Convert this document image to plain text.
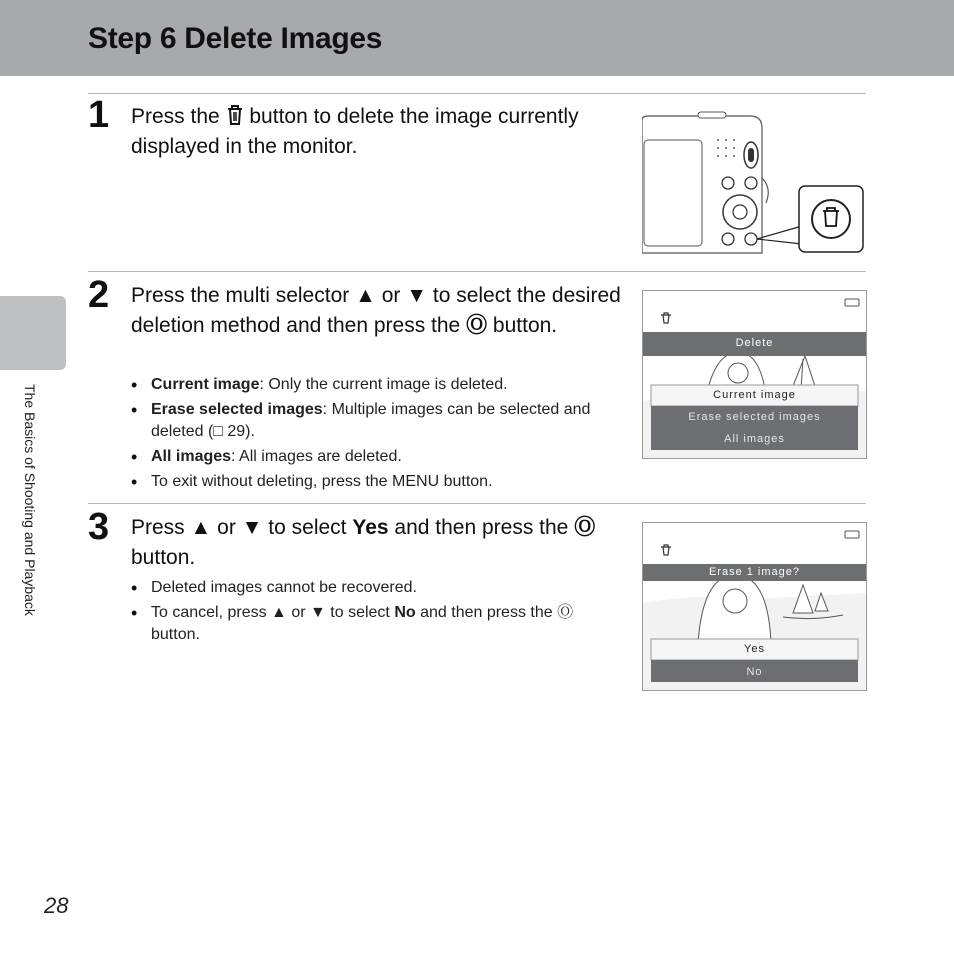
Step 6 Delete Images
The Basics of Shooting and Playback
1 Press the  button to delete the image currently displayed in the monitor.
2 Press the multi selector ▲ or ▼ to select the desired deletion method and then press the Ⓞ button.
• Current image: Only the current image is deleted.
• Erase selected images: Multiple images can be selected and deleted (□ 29).
• All images: All images are deleted.
• To exit without deleting, press the MENU button.
Delete
Current image
Erase selected images
All images
3 Press ▲ or ▼ to select Yes and then press the Ⓞ button.
• Deleted images cannot be recovered.
• To cancel, press ▲ or ▼ to select No and then press the Ⓞ button.
Erase 1 image?
Yes
No
28
